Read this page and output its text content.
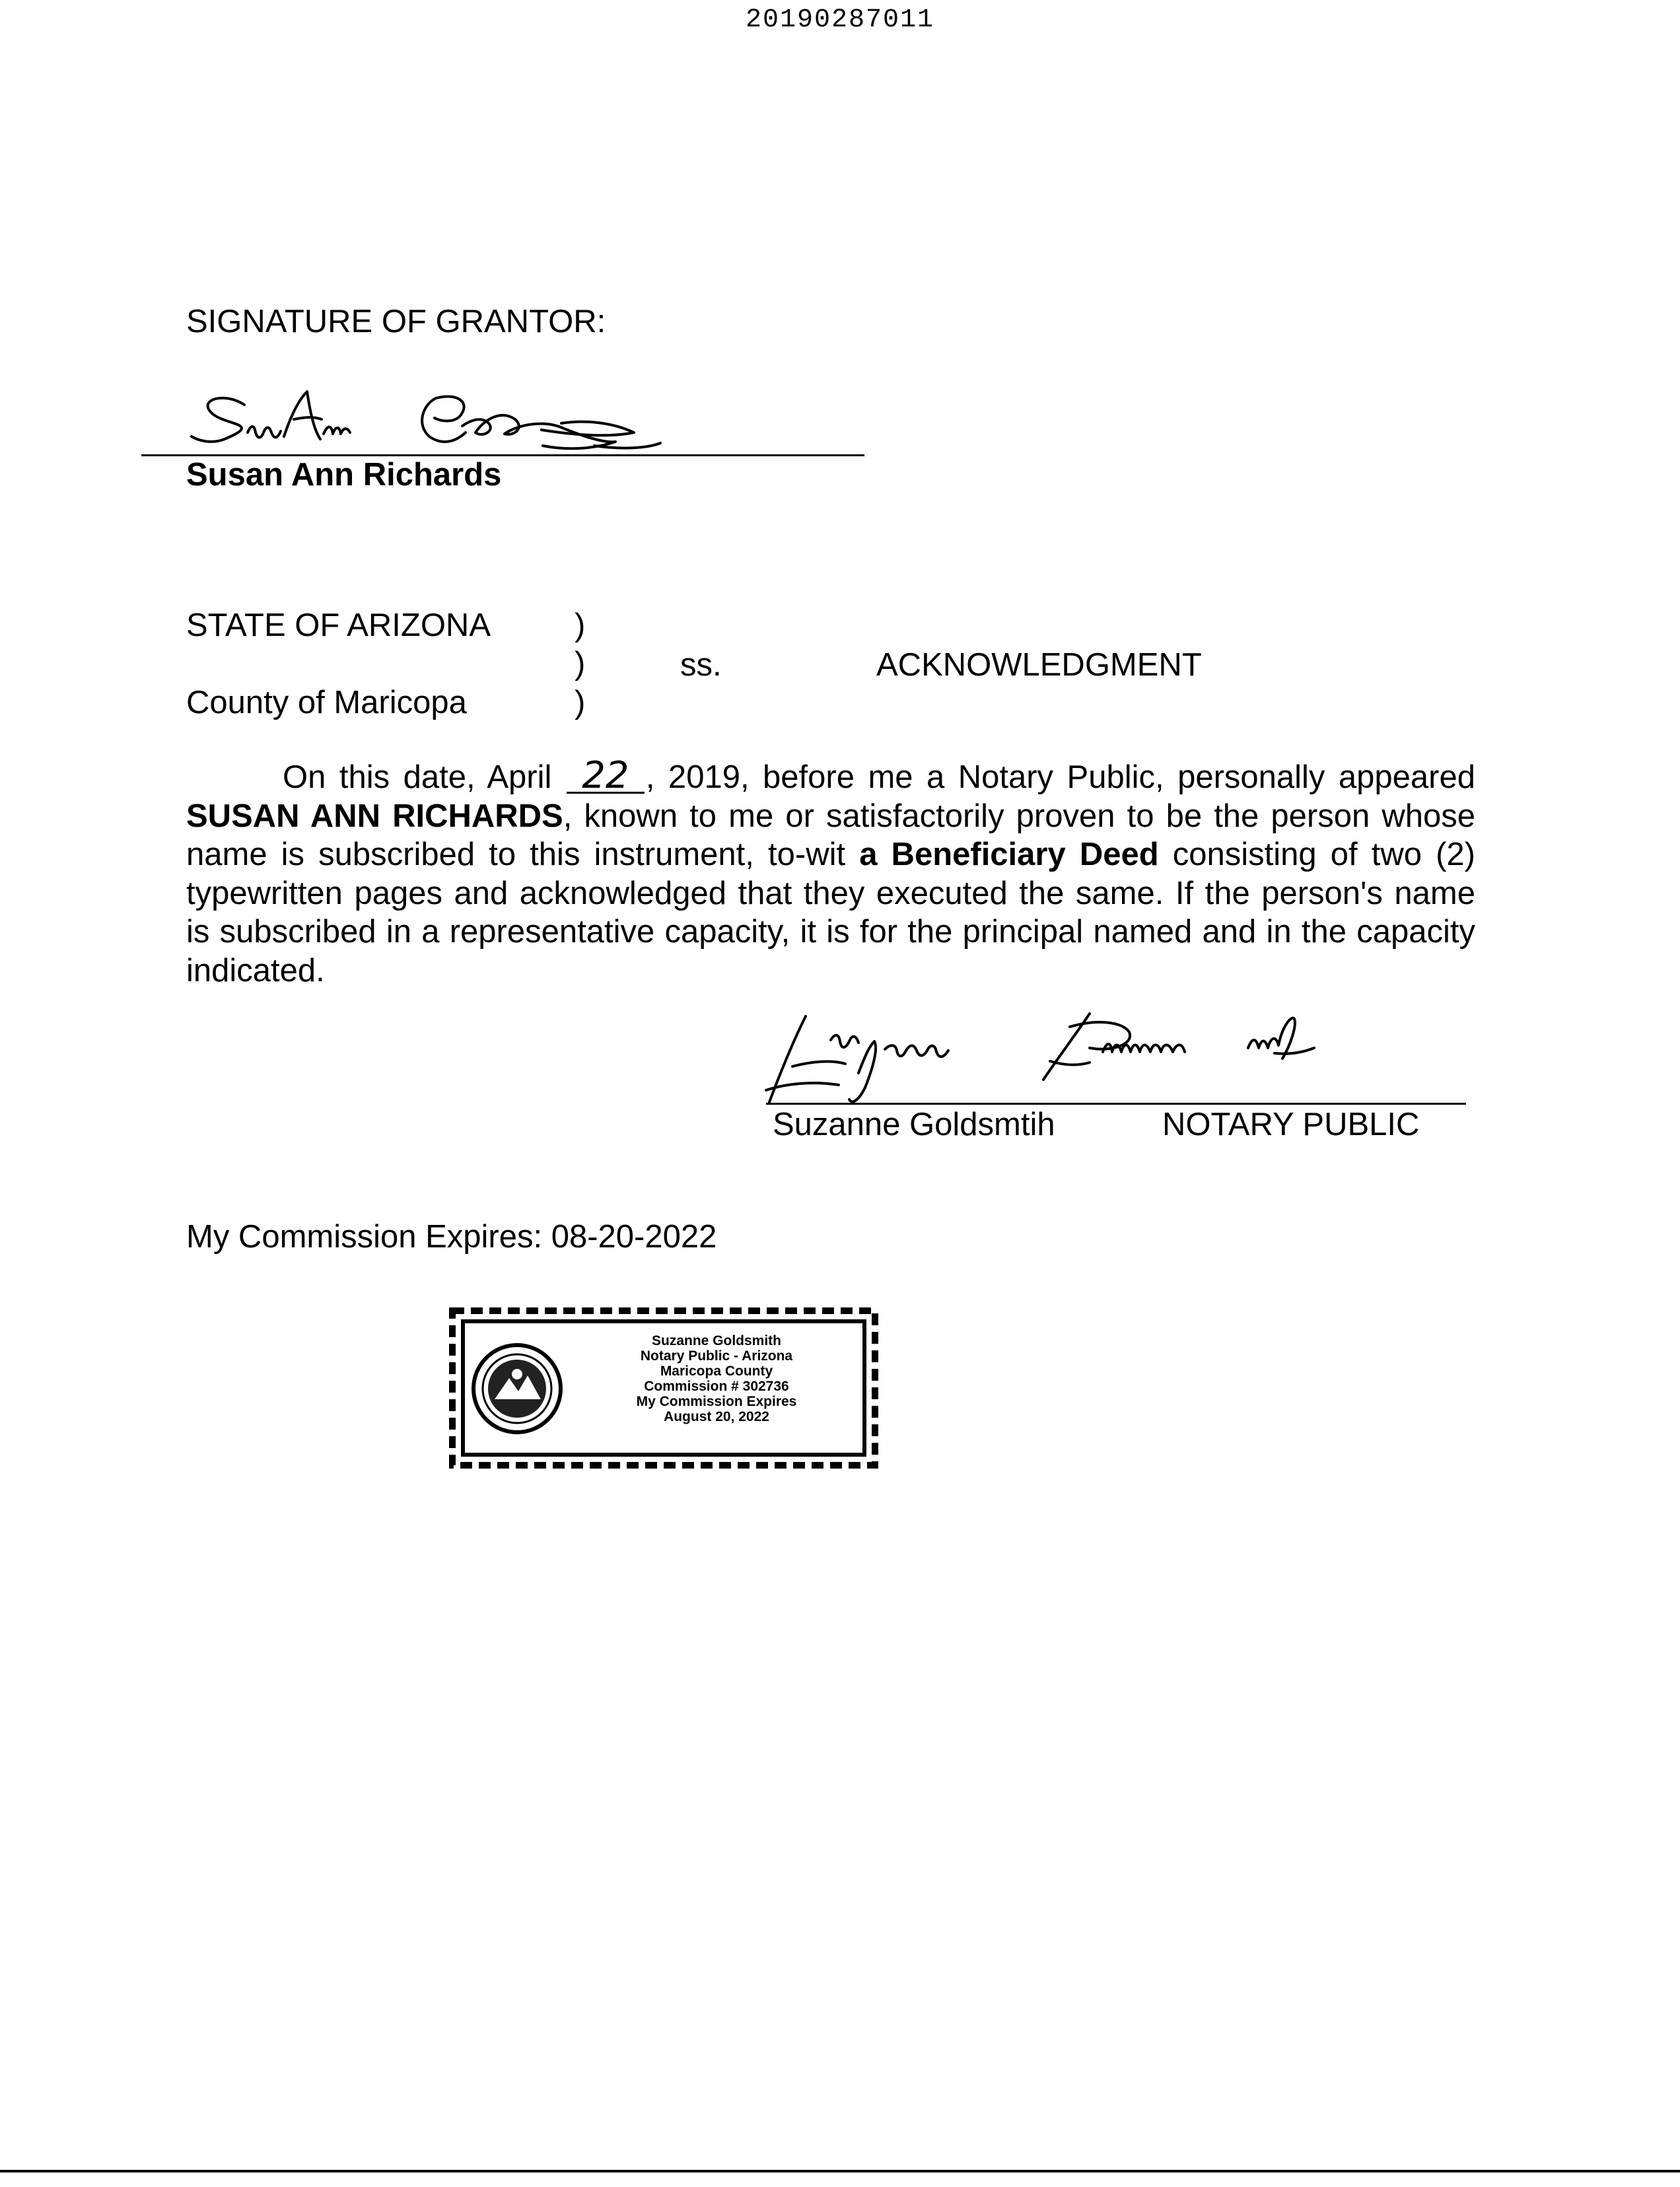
20190287011
SIGNATURE OF GRANTOR:
Susan Ann Richards
STATE OF ARIZONA
County of Maricopa
)
)
)
ss.	ACKNOWLEDGMENT
On this date, April 22 , 2019, before me a Notary Public, personally appeared SUSAN ANN RICHARDS, known to me or satisfactorily proven to be the person whose name is subscribed to this instrument, to-wit a Beneficiary Deed consisting of two (2) typewritten pages and acknowledged that they executed the same. If the person's name is subscribed in a representative capacity, it is for the principal named and in the capacity indicated.
Suzanne Goldsmtih	NOTARY PUBLIC
My Commission Expires: 08-20-2022
Suzanne Goldsmith
Notary Public - Arizona
Maricopa County
Commission # 302736
My Commission Expires
August 20, 2022
